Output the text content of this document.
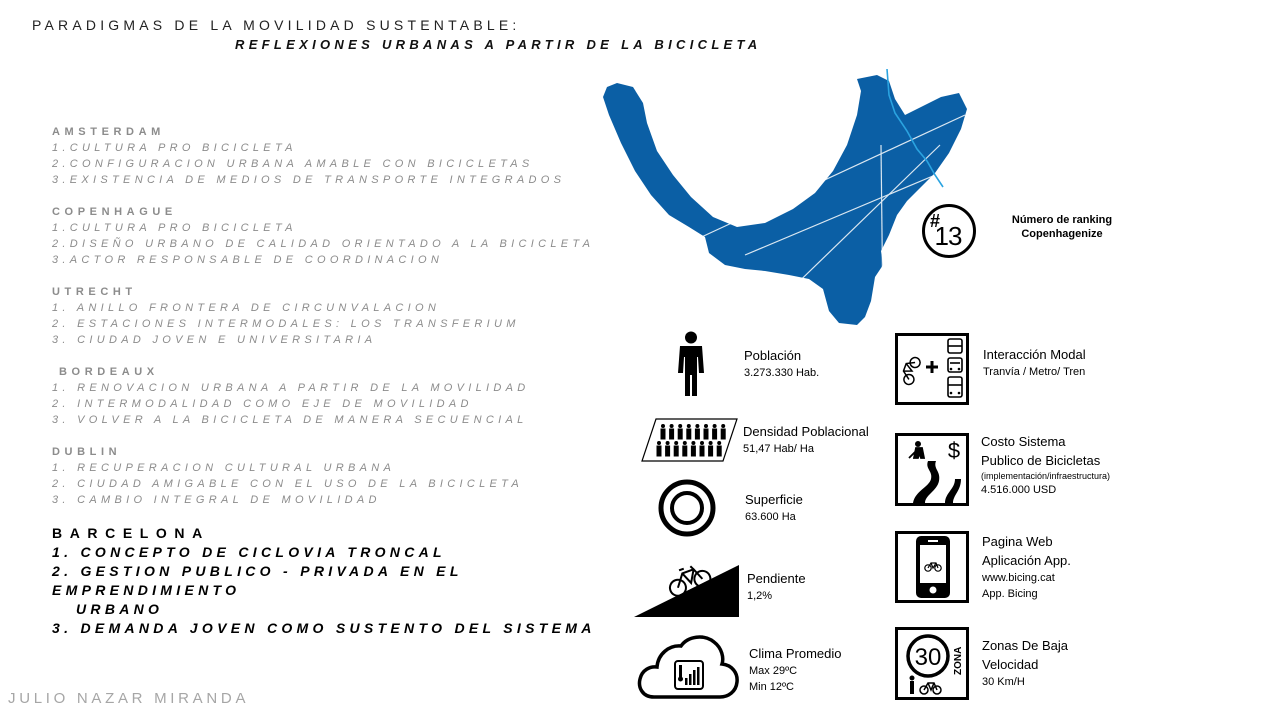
PARADIGMAS DE LA MOVILIDAD SUSTENTABLE:
REFLEXIONES URBANAS A PARTIR DE LA BICICLETA
AMSTERDAM
1.CULTURA PRO BICICLETA
2.CONFIGURACION URBANA AMABLE CON BICICLETAS
3.EXISTENCIA DE MEDIOS DE TRANSPORTE INTEGRADOS
COPENHAGUE
1.CULTURA PRO BICICLETA
2.DISEÑO URBANO DE CALIDAD ORIENTADO A LA BICICLETA
3.ACTOR RESPONSABLE DE COORDINACION
UTRECHT
1. ANILLO FRONTERA DE CIRCUNVALACION
2. ESTACIONES INTERMODALES: LOS TRANSFERIUM
3. CIUDAD JOVEN E UNIVERSITARIA
BORDEAUX
1. RENOVACION URBANA A PARTIR DE LA MOVILIDAD
2. INTERMODALIDAD COMO EJE DE MOVILIDAD
3. VOLVER A LA BICICLETA DE MANERA SECUENCIAL
DUBLIN
1. RECUPERACION CULTURAL URBANA
2. CIUDAD AMIGABLE CON EL USO DE LA BICICLETA
3. CAMBIO INTEGRAL DE MOVILIDAD
BARCELONA
1. CONCEPTO DE CICLOVIA TRONCAL
2. GESTION PUBLICO - PRIVADA EN EL EMPRENDIMIENTO
URBANO
3. DEMANDA JOVEN COMO SUSTENTO DEL SISTEMA
JULIO NAZAR MIRANDA
#
13
Número de ranking
Copenhagenize
Población
3.273.330 Hab.
Densidad Poblacional
51,47 Hab/ Ha
Superficie
63.600 Ha
Pendiente
1,2%
Clima Promedio
Max 29ºC
Min 12ºC
Interacción Modal
Tranvía / Metro/ Tren
$ Costo Sistema
Publico de Bicicletas
(implementación/infraestructura)
4.516.000 USD
Pagina Web
Aplicación App.
www.bicing.cat
App. Bicing
30 ZONA
Zonas De Baja
Velocidad
30 Km/H
